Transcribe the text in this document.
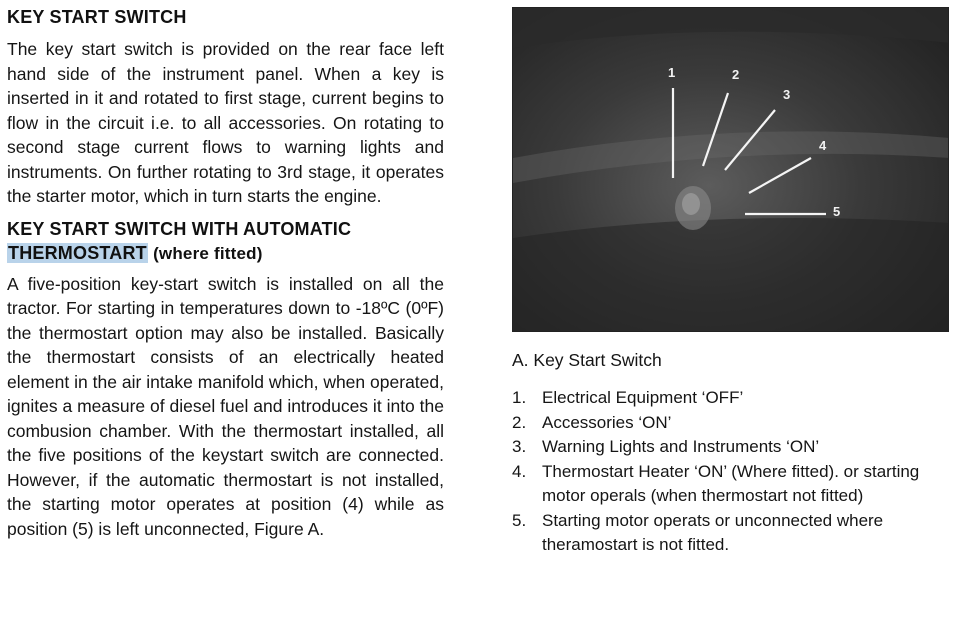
KEY START SWITCH

The key start switch is provided on the rear face left hand side of the instrument panel. When a key is inserted in it and rotated to first stage, current begins to flow in the circuit i.e. to all accessories. On rotating to second stage current flows to warning lights and instruments. On further rotating to 3rd stage, it operates the starter motor, which in turn starts the engine.

KEY START SWITCH WITH AUTOMATIC
THERMOSTART (where fitted)

A five-position key-start switch is installed on all the tractor. For starting in temperatures down to -18ºC (0ºF) the thermostart option may also be installed. Basically the thermostart consists of an electrically heated element in the air intake manifold which, when operated, ignites a measure of diesel fuel and introduces it into the combusion chamber. With the thermostart installed, all the five positions of the keystart switch are connected. However, if the automatic thermostart is not installed, the starting motor operates at position (4) while as position (5) is left unconnected, Figure A.

1	2
3
4
5

A. Key Start Switch

1. Electrical Equipment ‘OFF’
2. Accessories ‘ON’
3. Warning Lights and Instruments ‘ON’
4. Thermostart Heater ‘ON’ (Where fitted). or starting motor operals (when thermostart not fitted)
5. Starting motor operats or unconnected where theramostart is not fitted.
